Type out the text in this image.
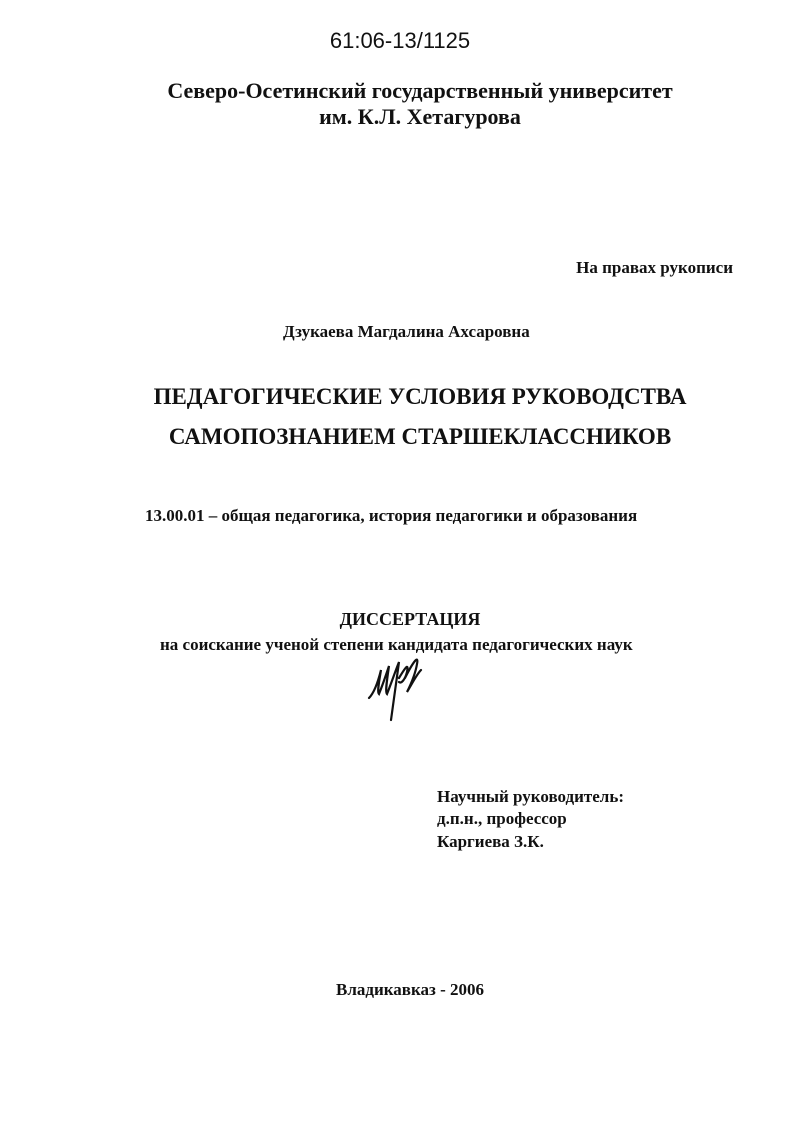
61:06-13/1125
Северо-Осетинский государственный университет
им. К.Л. Хетагурова
На правах рукописи
Дзукаева Магдалина Ахсаровна
ПЕДАГОГИЧЕСКИЕ УСЛОВИЯ РУКОВОДСТВА
САМОПОЗНАНИЕМ СТАРШЕКЛАССНИКОВ
13.00.01 – общая педагогика, история педагогики и образования
ДИССЕРТАЦИЯ
на соискание ученой степени кандидата педагогических наук
Научный руководитель:
д.п.н., профессор
Каргиева З.К.
Владикавказ - 2006
